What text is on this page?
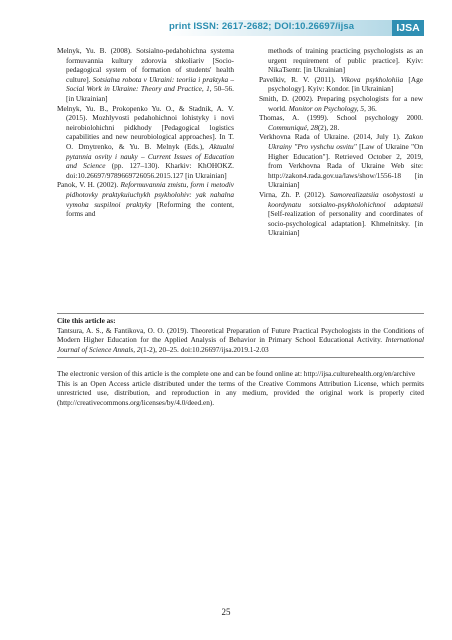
print ISSN: 2617-2682; DOI:10.26697/ijsa	IJSA

Melnyk, Yu. B. (2008). Sotsialno-pedahohichna systema formuvannia kultury zdorovia shkoliariv [Socio-pedagogical system of formation of students' health culture]. Sotsialna robota v Ukraini: teoriia i praktyka – Social Work in Ukraine: Theory and Practice, 1, 50–56. [in Ukrainian]

Melnyk, Yu. B., Prokopenko Yu. O., & Stadnik, A. V. (2015). Mozhlyvosti pedahohichnoi lohistyky i novi neirobiolohichni pidkhody [Pedagogical logistics capabilities and new neurobiological approaches]. In T. O. Dmytrenko, & Yu. B. Melnyk (Eds.), Aktualni pytannia osvity i nauky – Current Issues of Education and Science (pp. 127–130). Kharkiv: KhOHOKZ. doi:10.26697/9789669726056.2015.127 [in Ukrainian]

Panok, V. H. (2002). Reformuvannia zmistu, form i metodiv pidhotovky praktykuiuchykh psykholohiv: yak nahalna vymoha suspilnoi praktyky [Reforming the content, forms and

methods of training practicing psychologists as an urgent requirement of public practice]. Kyiv: NikaTsentr. [in Ukrainian]

Pavelkiv, R. V. (2011). Vikova psykholohiia [Age psychology]. Kyiv: Kondor. [in Ukrainian]

Smith, D. (2002). Preparing psychologists for a new world. Monitor on Psychology, 5, 36.

Thomas, A. (1999). School psychology 2000. Communiqué, 28(2), 28.

Verkhovna Rada of Ukraine. (2014, July 1). Zakon Ukrainy "Pro vyshchu osvitu" [Law of Ukraine "On Higher Education"]. Retrieved October 2, 2019, from Verkhovna Rada of Ukraine Web site: http://zakon4.rada.gov.ua/laws/show/1556-18 [in Ukrainian]

Virna, Zh. P. (2012). Samorealizatsiia osobystosti u koordynatu sotsialno-psykholohichnoi adaptatsii [Self-realization of personality and coordinates of socio-psychological adaptation]. Khmelnitsky. [in Ukrainian]

Cite this article as:
Tantsura, A. S., & Fantikova, O. O. (2019). Theoretical Preparation of Future Practical Psychologists in the Conditions of Modern Higher Education for the Applied Analysis of Behavior in Primary School Educational Activity. International Journal of Science Annals, 2(1-2), 20–25. doi:10.26697/ijsa.2019.1-2.03
The electronic version of this article is the complete one and can be found online at: http://ijsa.culturehealth.org/en/archive
This is an Open Access article distributed under the terms of the Creative Commons Attribution License, which permits unrestricted use, distribution, and reproduction in any medium, provided the original work is properly cited (http://creativecommons.org/licenses/by/4.0/deed.en).
25
